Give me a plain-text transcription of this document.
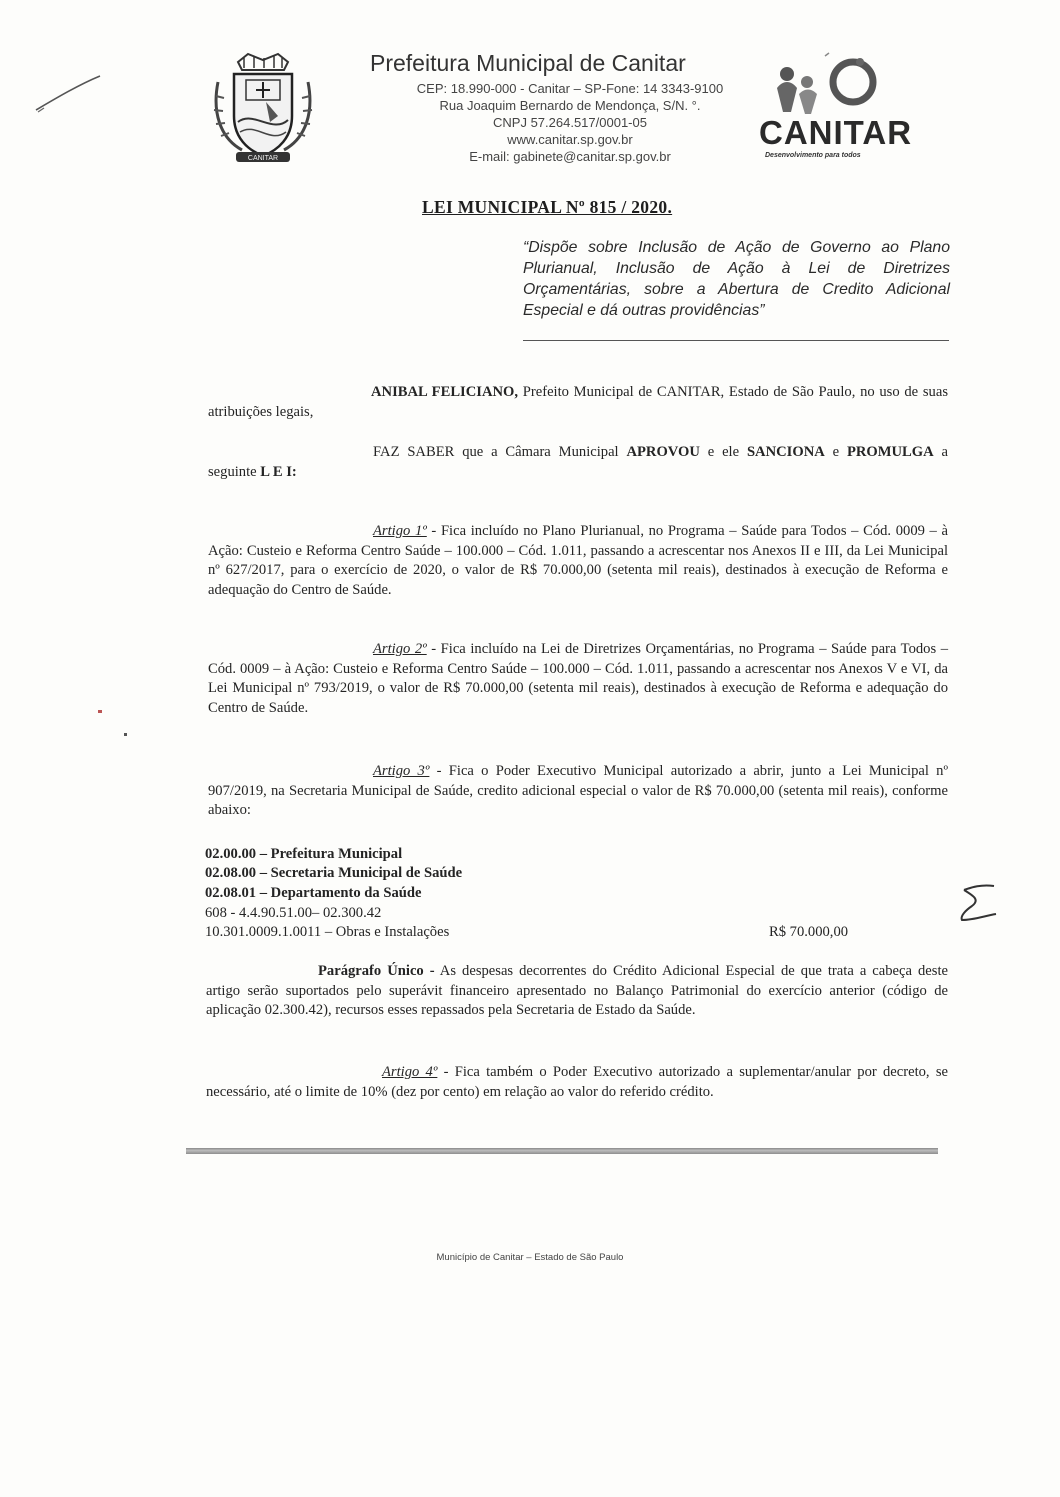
CANITAR
Prefeitura Municipal de Canitar
CEP: 18.990-000 - Canitar – SP-Fone: 14 3343-9100
Rua Joaquim Bernardo de Mendonça, S/N. °.
CNPJ 57.264.517/0001-05
www.canitar.sp.gov.br
E-mail: gabinete@canitar.sp.gov.br
CANITAR
Desenvolvimento para todos
LEI MUNICIPAL Nº 815 / 2020.
“Dispõe sobre Inclusão de Ação de Governo ao Plano Plurianual, Inclusão de Ação à Lei de Diretrizes Orçamentárias, sobre a Abertura de Credito Adicional Especial e dá outras providências”
ANIBAL FELICIANO, Prefeito Municipal de CANITAR, Estado de São Paulo, no uso de suas atribuições legais,
FAZ SABER que a Câmara Municipal APROVOU e ele SANCIONA e PROMULGA a seguinte L E I:
Artigo 1º - Fica incluído no Plano Plurianual, no Programa – Saúde para Todos – Cód. 0009 – à Ação: Custeio e Reforma Centro Saúde – 100.000 – Cód. 1.011, passando a acrescentar nos Anexos II e III, da Lei Municipal nº 627/2017, para o exercício de 2020, o valor de R$ 70.000,00 (setenta mil reais), destinados à execução de Reforma e adequação do Centro de Saúde.
Artigo 2º - Fica incluído na Lei de Diretrizes Orçamentárias, no Programa – Saúde para Todos – Cód. 0009 – à Ação: Custeio e Reforma Centro Saúde – 100.000 – Cód. 1.011, passando a acrescentar nos Anexos V e VI, da Lei Municipal nº 793/2019, o valor de R$ 70.000,00 (setenta mil reais), destinados à execução de Reforma e adequação do Centro de Saúde.
Artigo 3º - Fica o Poder Executivo Municipal autorizado a abrir, junto a Lei Municipal nº 907/2019, na Secretaria Municipal de Saúde, credito adicional especial o valor de R$ 70.000,00 (setenta mil reais), conforme abaixo:
02.00.00 – Prefeitura Municipal
02.08.00 – Secretaria Municipal de Saúde
02.08.01 – Departamento da Saúde
608 - 4.4.90.51.00– 02.300.42
10.301.0009.1.0011 – Obras e Instalações	R$ 70.000,00
Parágrafo Único - As despesas decorrentes do Crédito Adicional Especial de que trata a cabeça deste artigo serão suportados pelo superávit financeiro apresentado no Balanço Patrimonial do exercício anterior (código de aplicação 02.300.42), recursos esses repassados pela Secretaria de Estado da Saúde.
Artigo 4º - Fica também o Poder Executivo autorizado a suplementar/anular por decreto, se necessário, até o limite de 10% (dez por cento) em relação ao valor do referido crédito.
Município de Canitar – Estado de São Paulo
